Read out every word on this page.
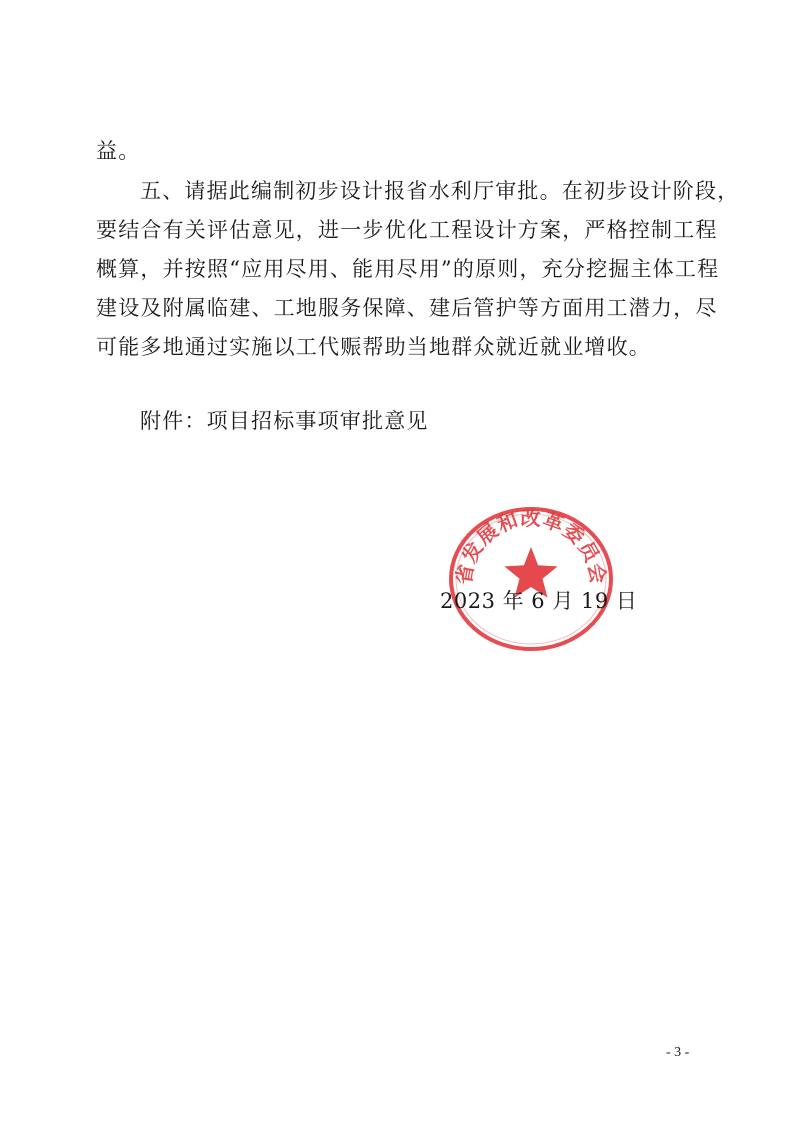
益。
五、请据此编制初步设计报省水利厅审批。在初步设计阶段，
要结合有关评估意见，进一步优化工程设计方案，严格控制工程
概算，并按照“应用尽用、能用尽用”的原则，充分挖掘主体工程
建设及附属临建、工地服务保障、建后管护等方面用工潜力，尽
可能多地通过实施以工代赈帮助当地群众就近就业增收。
附件：项目招标事项审批意见
省发展和改革委员会
2023 年 6 月 19 日
- 3 -
